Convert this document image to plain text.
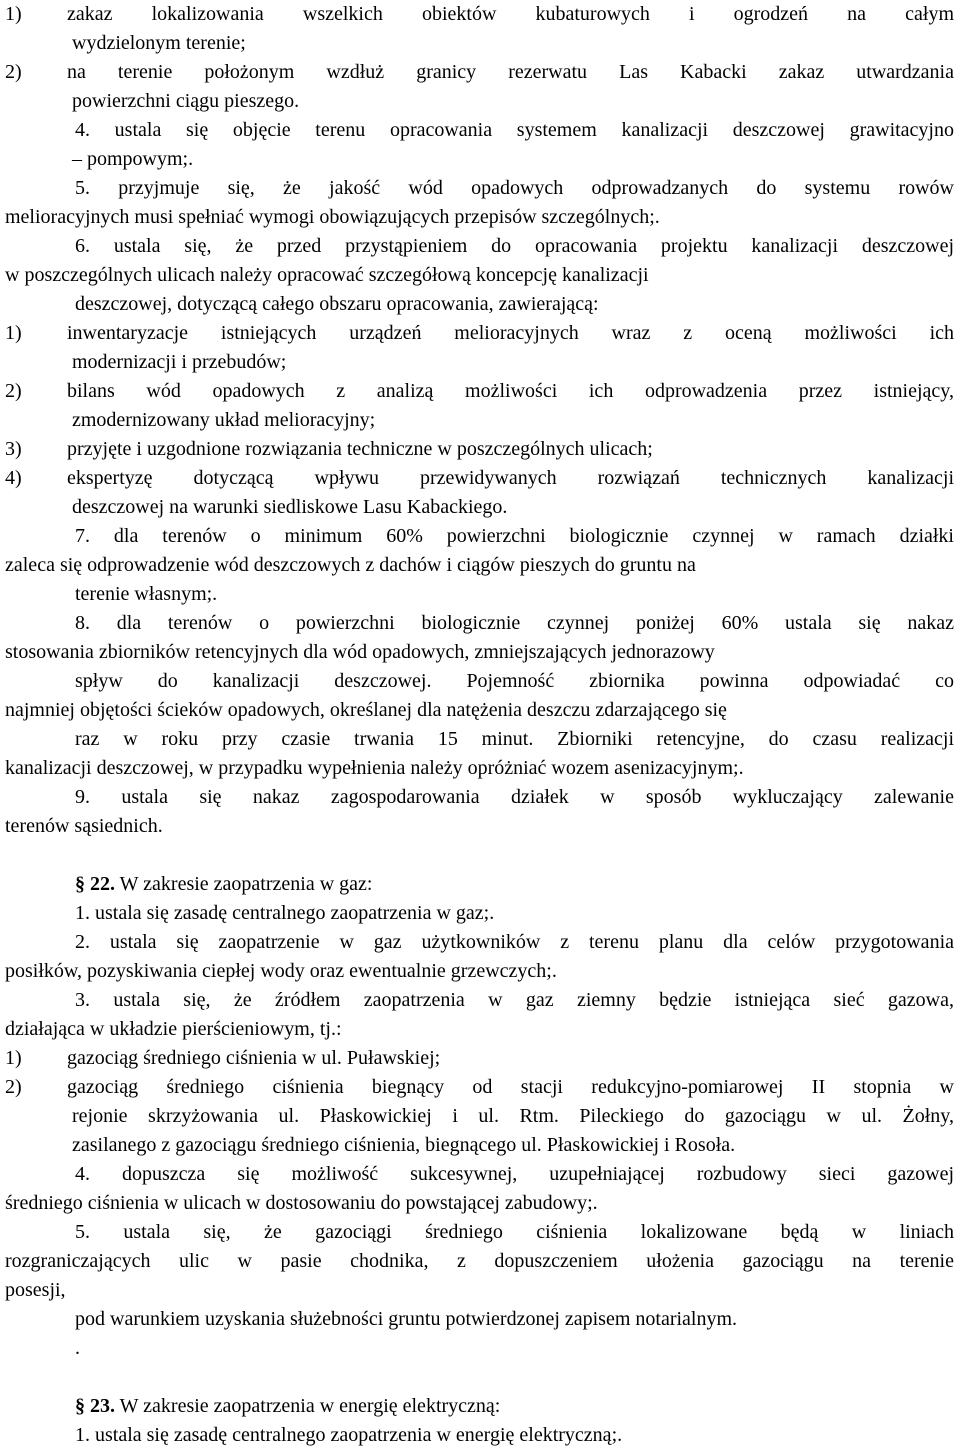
1) zakaz lokalizowania wszelkich obiektów kubaturowych i ogrodzeń na całym

wydzielonym terenie;

2) na terenie położonym wzdłuż granicy rezerwatu Las Kabacki zakaz utwardzania

powierzchni ciągu pieszego.

4. ustala się objęcie terenu opracowania systemem kanalizacji deszczowej grawitacyjno

– pompowym;.

5. przyjmuje się, że jakość wód opadowych odprowadzanych do systemu rowów

melioracyjnych musi spełniać wymogi obowiązujących przepisów szczególnych;.

6. ustala się, że przed przystąpieniem do opracowania projektu kanalizacji deszczowej

w poszczególnych ulicach należy opracować szczegółową koncepcję kanalizacji

deszczowej, dotyczącą całego obszaru opracowania, zawierającą:

1) inwentaryzacje istniejących urządzeń melioracyjnych wraz z oceną możliwości ich

modernizacji i przebudów;

2) bilans wód opadowych z analizą możliwości ich odprowadzenia przez istniejący,

zmodernizowany układ melioracyjny;

3) przyjęte i uzgodnione rozwiązania techniczne w poszczególnych ulicach;

4) ekspertyzę dotyczącą wpływu przewidywanych rozwiązań technicznych kanalizacji

deszczowej na warunki siedliskowe Lasu Kabackiego.

7. dla terenów o minimum 60% powierzchni biologicznie czynnej w ramach działki

zaleca się odprowadzenie wód deszczowych z dachów i ciągów pieszych do gruntu na

terenie własnym;.

8. dla terenów o powierzchni biologicznie czynnej poniżej 60% ustala się nakaz

stosowania zbiorników retencyjnych dla wód opadowych, zmniejszających jednorazowy

spływ do kanalizacji deszczowej. Pojemność zbiornika powinna odpowiadać co

najmniej objętości ścieków opadowych, określanej dla natężenia deszczu zdarzającego się

raz w roku przy czasie trwania 15 minut. Zbiorniki retencyjne, do czasu realizacji

kanalizacji deszczowej, w przypadku wypełnienia należy opróżniać wozem asenizacyjnym;.

9. ustala się nakaz zagospodarowania działek w sposób wykluczający zalewanie

terenów sąsiednich.

§ 22. W zakresie zaopatrzenia w gaz:

1. ustala się zasadę centralnego zaopatrzenia w gaz;.

2. ustala się zaopatrzenie w gaz użytkowników z terenu planu dla celów przygotowania

posiłków, pozyskiwania ciepłej wody oraz ewentualnie grzewczych;.

3. ustala się, że źródłem zaopatrzenia w gaz ziemny będzie istniejąca sieć gazowa,

działająca w układzie pierścieniowym, tj.:

1) gazociąg średniego ciśnienia w ul. Puławskiej;

2) gazociąg średniego ciśnienia biegnący od stacji redukcyjno-pomiarowej II stopnia w

rejonie skrzyżowania ul. Płaskowickiej i ul. Rtm. Pileckiego do gazociągu w ul. Żołny,

zasilanego z gazociągu średniego ciśnienia, biegnącego ul. Płaskowickiej i Rosoła.

4. dopuszcza się możliwość sukcesywnej, uzupełniającej rozbudowy sieci gazowej

średniego ciśnienia w ulicach w dostosowaniu do powstającej zabudowy;.

5. ustala się, że gazociągi średniego ciśnienia lokalizowane będą w liniach

rozgraniczających ulic w pasie chodnika, z dopuszczeniem ułożenia gazociągu na terenie

posesji,

pod warunkiem uzyskania służebności gruntu potwierdzonej zapisem notarialnym.

.

§ 23. W zakresie zaopatrzenia w energię elektryczną:

1. ustala się zasadę centralnego zaopatrzenia w energię elektryczną;.
